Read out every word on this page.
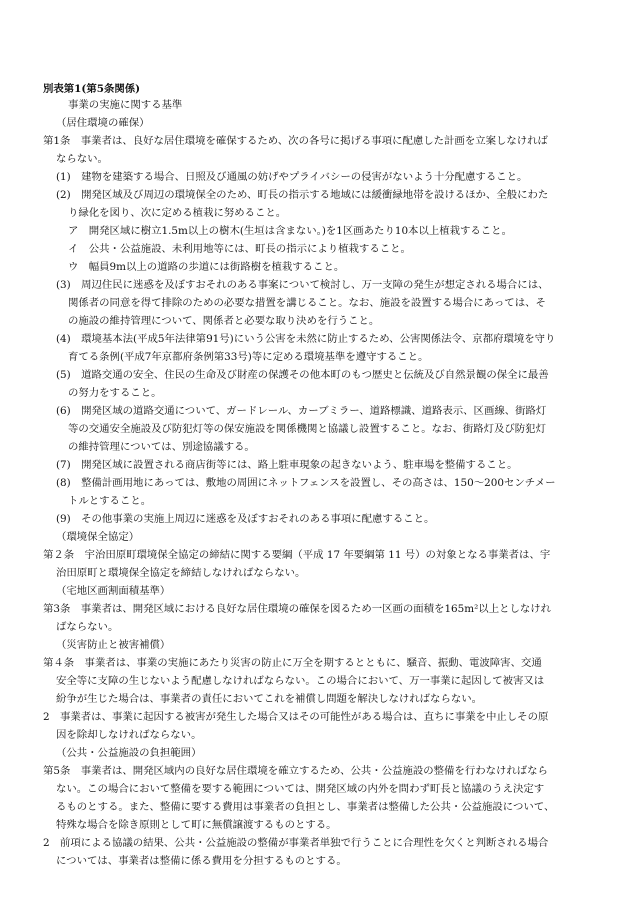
別表第1(第5条関係)
事業の実施に関する基準
（居住環境の確保）
第1条　事業者は、良好な居住環境を確保するため、次の各号に掲げる事項に配慮した計画を立案しなければ
ならない。
(1)　建物を建築する場合、日照及び通風の妨げやプライバシーの侵害がないよう十分配慮すること。
(2)　開発区域及び周辺の環境保全のため、町長の指示する地域には緩衝緑地帯を設けるほか、全般にわた
り緑化を図り、次に定める植栽に努めること。
ア　開発区域に樹立1.5m以上の樹木(生垣は含まない。)を1区画あたり10本以上植栽すること。
イ　公共・公益施設、未利用地等には、町長の指示により植栽すること。
ウ　幅員9m以上の道路の歩道には街路樹を植栽すること。
(3)　周辺住民に迷惑を及ぼすおそれのある事案について検討し、万一支障の発生が想定される場合には、
関係者の同意を得て排除のための必要な措置を講じること。なお、施設を設置する場合にあっては、そ
の施設の維持管理について、関係者と必要な取り決めを行うこと。
(4)　環境基本法(平成5年法律第91号)にいう公害を未然に防止するため、公害関係法令、京都府環境を守り
育てる条例(平成7年京都府条例第33号)等に定める環境基準を遵守すること。
(5)　道路交通の安全、住民の生命及び財産の保護その他本町のもつ歴史と伝統及び自然景観の保全に最善
の努力をすること。
(6)　開発区域の道路交通について、ガードレール、カーブミラー、道路標識、道路表示、区画線、街路灯
等の交通安全施設及び防犯灯等の保安施設を関係機関と協議し設置すること。なお、街路灯及び防犯灯
の維持管理については、別途協議する。
(7)　開発区域に設置される商店街等には、路上駐車現象の起きないよう、駐車場を整備すること。
(8)　整備計画用地にあっては、敷地の周囲にネットフェンスを設置し、その高さは、150～200センチメー
トルとすること。
(9)　その他事業の実施上周辺に迷惑を及ぼすおそれのある事項に配慮すること。
（環境保全協定）
第２条　宇治田原町環境保全協定の締結に関する要綱（平成 17 年要綱第 11 号）の対象となる事業者は、宇
治田原町と環境保全協定を締結しなければならない。
（宅地区画割面積基準）
第3条　事業者は、開発区域における良好な居住環境の確保を図るため一区画の面積を165m²以上としなけれ
ばならない。
（災害防止と被害補償）
第４条　事業者は、事業の実施にあたり災害の防止に万全を期するとともに、騒音、振動、電波障害、交通
安全等に支障の生じないよう配慮しなければならない。この場合において、万一事業に起因して被害又は
紛争が生じた場合は、事業者の責任においてこれを補償し問題を解決しなければならない。
2　事業者は、事業に起因する被害が発生した場合又はその可能性がある場合は、直ちに事業を中止しその原
因を除却しなければならない。
（公共・公益施設の負担範囲）
第5条　事業者は、開発区域内の良好な居住環境を確立するため、公共・公益施設の整備を行わなければなら
ない。この場合において整備を要する範囲については、開発区域の内外を問わず町長と協議のうえ決定す
るものとする。また、整備に要する費用は事業者の負担とし、事業者は整備した公共・公益施設について、
特殊な場合を除き原則として町に無償譲渡するものとする。
2　前項による協議の結果、公共・公益施設の整備が事業者単独で行うことに合理性を欠くと判断される場合
については、事業者は整備に係る費用を分担するものとする。
